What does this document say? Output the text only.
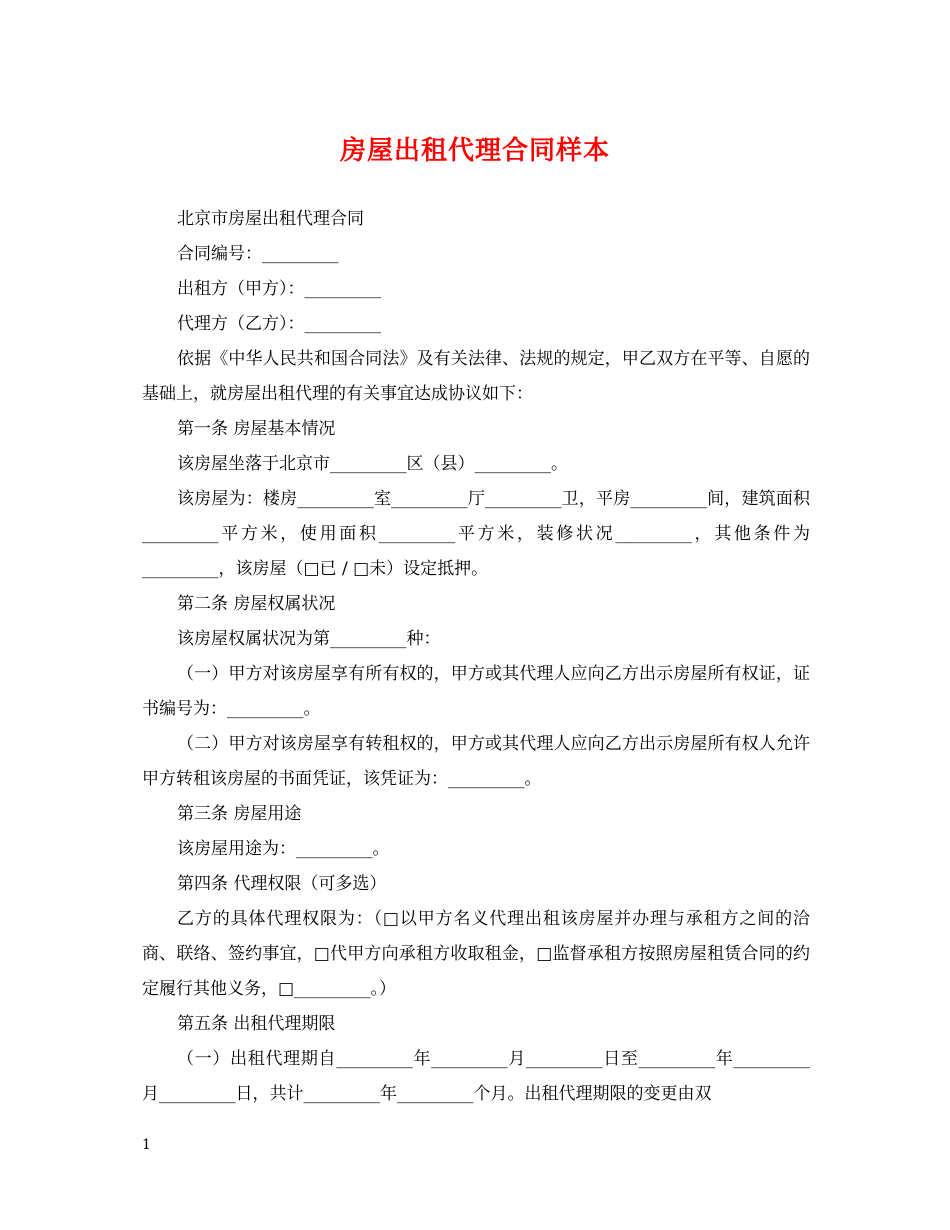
房屋出租代理合同样本

北京市房屋出租代理合同

合同编号：_________

出租方（甲方）：_________

代理方（乙方）：_________

依据《中华人民共和国合同法》及有关法律、法规的规定，甲乙双方在平等、自愿的基础上，就房屋出租代理的有关事宜达成协议如下：

第一条 房屋基本情况

该房屋坐落于北京市_________区（县）_________。

该房屋为：楼房_________室_________厅_________卫，平房_________间，建筑面积_________平方米，使用面积_________平方米，装修状况_________，其他条件为_________，该房屋（□已 / □未）设定抵押。

第二条 房屋权属状况

该房屋权属状况为第_________种：

（一）甲方对该房屋享有所有权的，甲方或其代理人应向乙方出示房屋所有权证，证书编号为：_________。

（二）甲方对该房屋享有转租权的，甲方或其代理人应向乙方出示房屋所有权人允许甲方转租该房屋的书面凭证，该凭证为：_________。

第三条 房屋用途

该房屋用途为：_________。

第四条 代理权限（可多选）

乙方的具体代理权限为：（□以甲方名义代理出租该房屋并办理与承租方之间的洽商、联络、签约事宜，□代甲方向承租方收取租金，□监督承租方按照房屋租赁合同的约定履行其他义务，□_________。）

第五条 出租代理期限

（一）出租代理期自_________年_________月_________日至_________年_________月_________日，共计_________年_________个月。出租代理期限的变更由双

1
